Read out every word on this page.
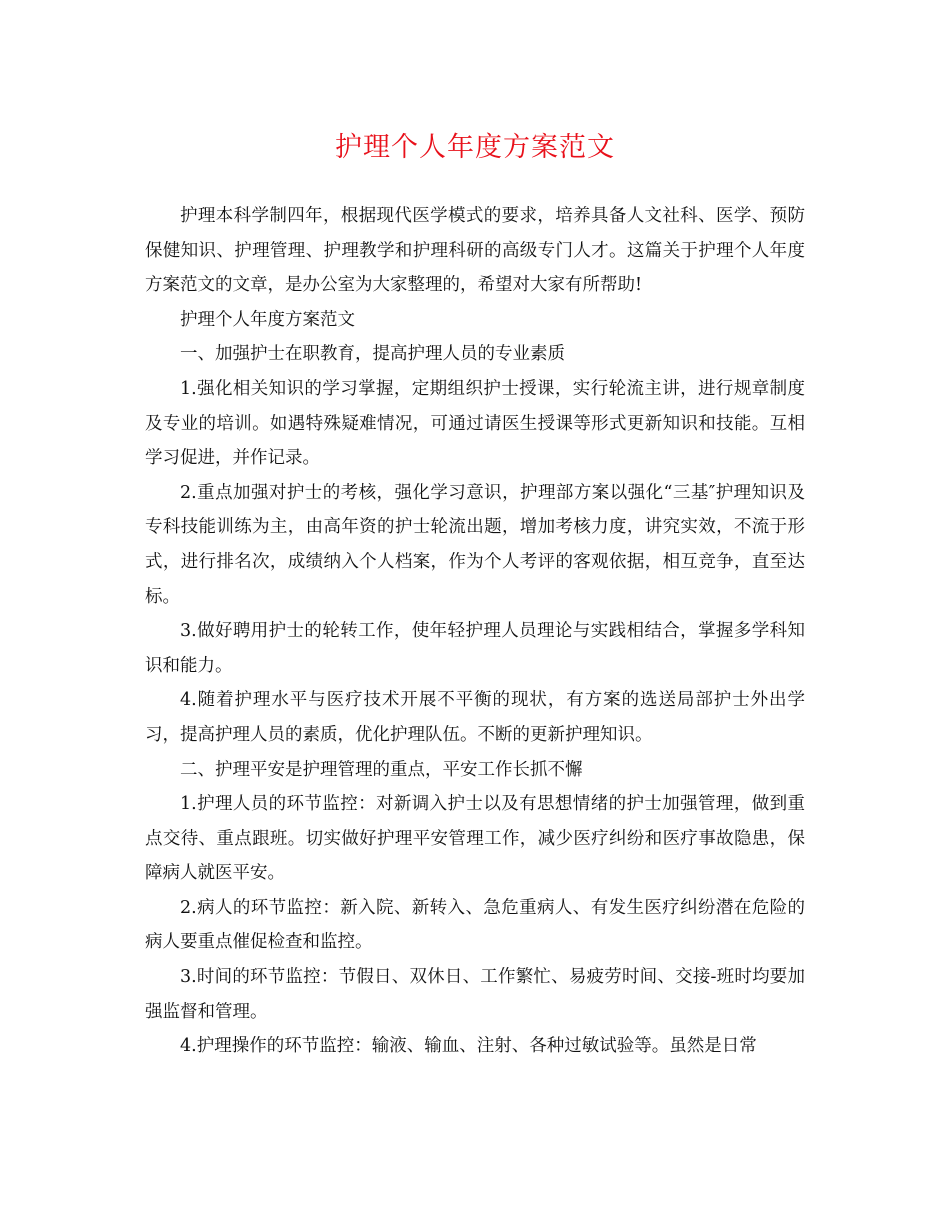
护理个人年度方案范文

护理本科学制四年，根据现代医学模式的要求，培养具备人文社科、医学、预防保健知识、护理管理、护理教学和护理科研的高级专门人才。这篇关于护理个人年度方案范文的文章，是办公室为大家整理的，希望对大家有所帮助!

护理个人年度方案范文

一、加强护士在职教育，提高护理人员的专业素质

1.强化相关知识的学习掌握，定期组织护士授课，实行轮流主讲，进行规章制度及专业的培训。如遇特殊疑难情况，可通过请医生授课等形式更新知识和技能。互相学习促进，并作记录。

2.重点加强对护士的考核，强化学习意识，护理部方案以强化“三基″护理知识及专科技能训练为主，由高年资的护士轮流出题，增加考核力度，讲究实效，不流于形式，进行排名次，成绩纳入个人档案，作为个人考评的客观依据，相互竞争，直至达标。

3.做好聘用护士的轮转工作，使年轻护理人员理论与实践相结合，掌握多学科知识和能力。

4.随着护理水平与医疗技术开展不平衡的现状，有方案的选送局部护士外出学习，提高护理人员的素质，优化护理队伍。不断的更新护理知识。

二、护理平安是护理管理的重点，平安工作长抓不懈

1.护理人员的环节监控：对新调入护士以及有思想情绪的护士加强管理，做到重点交待、重点跟班。切实做好护理平安管理工作，减少医疗纠纷和医疗事故隐患，保障病人就医平安。

2.病人的环节监控：新入院、新转入、急危重病人、有发生医疗纠纷潜在危险的病人要重点催促检查和监控。

3.时间的环节监控：节假日、双休日、工作繁忙、易疲劳时间、交接-班时均要加强监督和管理。

4.护理操作的环节监控：输液、输血、注射、各种过敏试验等。虽然是日常
